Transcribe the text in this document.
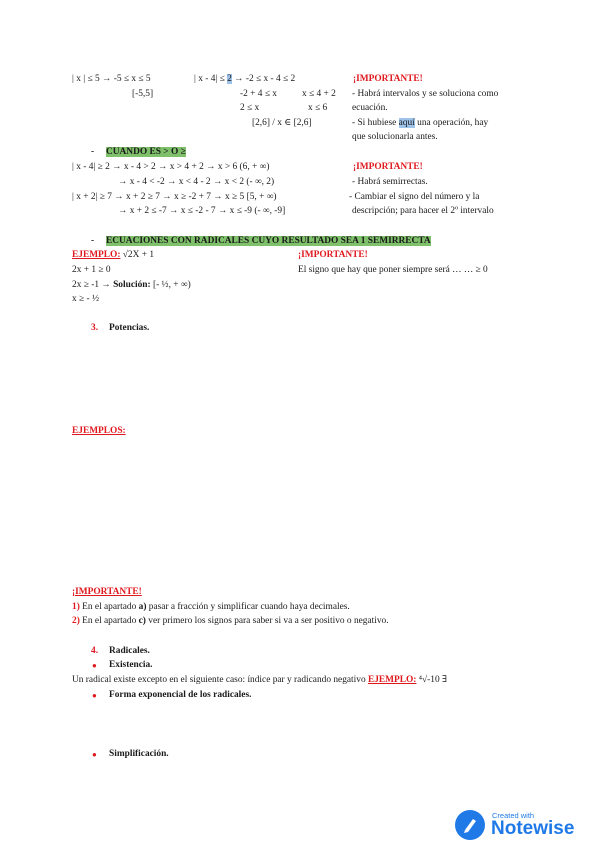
| x | ≤ 5 → -5 ≤ x ≤ 5	| x - 4| ≤ 2 → -2 ≤ x - 4 ≤ 2	¡IMPORTANTE!
[-5,5]	-2 + 4 ≤ x	x ≤ 4 + 2 - Habrá intervalos y se soluciona como
2 ≤ x	x ≤ 6	ecuación.
[2,6] / x ∈ [2,6]	- Si hubiese aquí una operación, hay
que solucionarla antes.
- CUANDO ES > O ≥
| x - 4| ≥ 2 → x - 4 > 2 → x > 4 + 2 → x > 6 (6, + ∞)	¡IMPORTANTE!
→ x - 4 < -2 → x < 4 - 2 → x < 2 (- ∞, 2)	- Habrá semirrectas.
| x + 2| ≥ 7 → x + 2 ≥ 7 → x ≥ -2 + 7 → x ≥ 5 [5, + ∞)	- Cambiar el signo del número y la
→ x + 2 ≤ -7 → x ≤ -2 - 7 → x ≤ -9 (- ∞, -9]	descripción; para hacer el 2º intervalo
- ECUACIONES CON RADICALES CUYO RESULTADO SEA 1 SEMIRRECTA
EJEMPLO: √2X + 1	¡IMPORTANTE!
2x + 1 ≥ 0	El signo que hay que poner siempre será … … ≥ 0
2x ≥ -1 → Solución: [- ½, + ∞)
x ≥ - ½
3. Potencias.
EJEMPLOS:
¡IMPORTANTE!
1) En el apartado a) pasar a fracción y simplificar cuando haya decimales.
2) En el apartado c) ver primero los signos para saber si va a ser positivo o negativo.
4. Radicales.
● Existencia.
Un radical existe excepto en el siguiente caso: índice par y radicando negativo EJEMPLO: ⁴√-10 ∃
● Forma exponencial de los radicales.
● Simplificación.
Created with
Notewise
